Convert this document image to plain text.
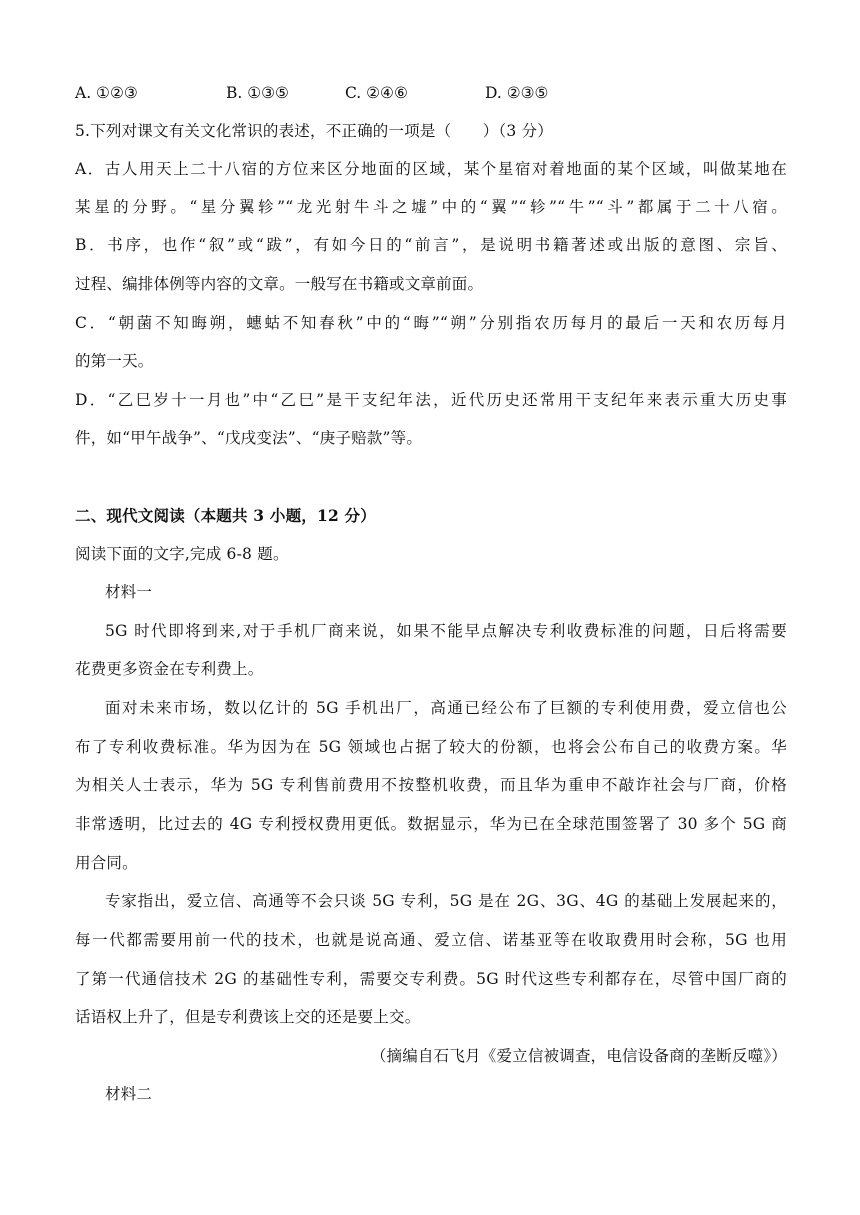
A. ①②③	B. ①③⑤	C. ②④⑥	D. ②③⑤
5.下列对课文有关文化常识的表述，不正确的一项是（　　）（3 分）
A．古人用天上二十八宿的方位来区分地面的区域，某个星宿对着地面的某个区域，叫做某地在
某星的分野。“星分翼轸”“龙光射牛斗之墟”中的“翼”“轸”“牛”“斗”都属于二十八宿。
B．书序，也作“叙”或“跋”，有如今日的“前言”，是说明书籍著述或出版的意图、宗旨、
过程、编排体例等内容的文章。一般写在书籍或文章前面。
C．“朝菌不知晦朔，蟪蛄不知春秋”中的“晦”“朔”分别指农历每月的最后一天和农历每月
的第一天。
D．“乙巳岁十一月也”中“乙巳”是干支纪年法，近代历史还常用干支纪年来表示重大历史事
件，如“甲午战争”、“戊戌变法”、“庚子赔款”等。
二、现代文阅读（本题共 3 小题，12 分）
阅读下面的文字,完成 6-8 题。
材料一
5G 时代即将到来,对于手机厂商来说，如果不能早点解决专利收费标准的问题，日后将需要
花费更多资金在专利费上。
面对未来市场，数以亿计的 5G 手机出厂，高通已经公布了巨额的专利使用费，爱立信也公
布了专利收费标准。华为因为在 5G 领域也占据了较大的份额，也将会公布自己的收费方案。华
为相关人士表示，华为 5G 专利售前费用不按整机收费，而且华为重申不敲诈社会与厂商，价格
非常透明，比过去的 4G 专利授权费用更低。数据显示，华为已在全球范围签署了 30 多个 5G 商
用合同。
专家指出，爱立信、高通等不会只谈 5G 专利，5G 是在 2G、3G、4G 的基础上发展起来的，
每一代都需要用前一代的技术，也就是说高通、爱立信、诺基亚等在收取费用时会称，5G 也用
了第一代通信技术 2G 的基础性专利，需要交专利费。5G 时代这些专利都存在，尽管中国厂商的
话语权上升了，但是专利费该上交的还是要上交。
（摘编自石飞月《爱立信被调查，电信设备商的垄断反噬》）
材料二
